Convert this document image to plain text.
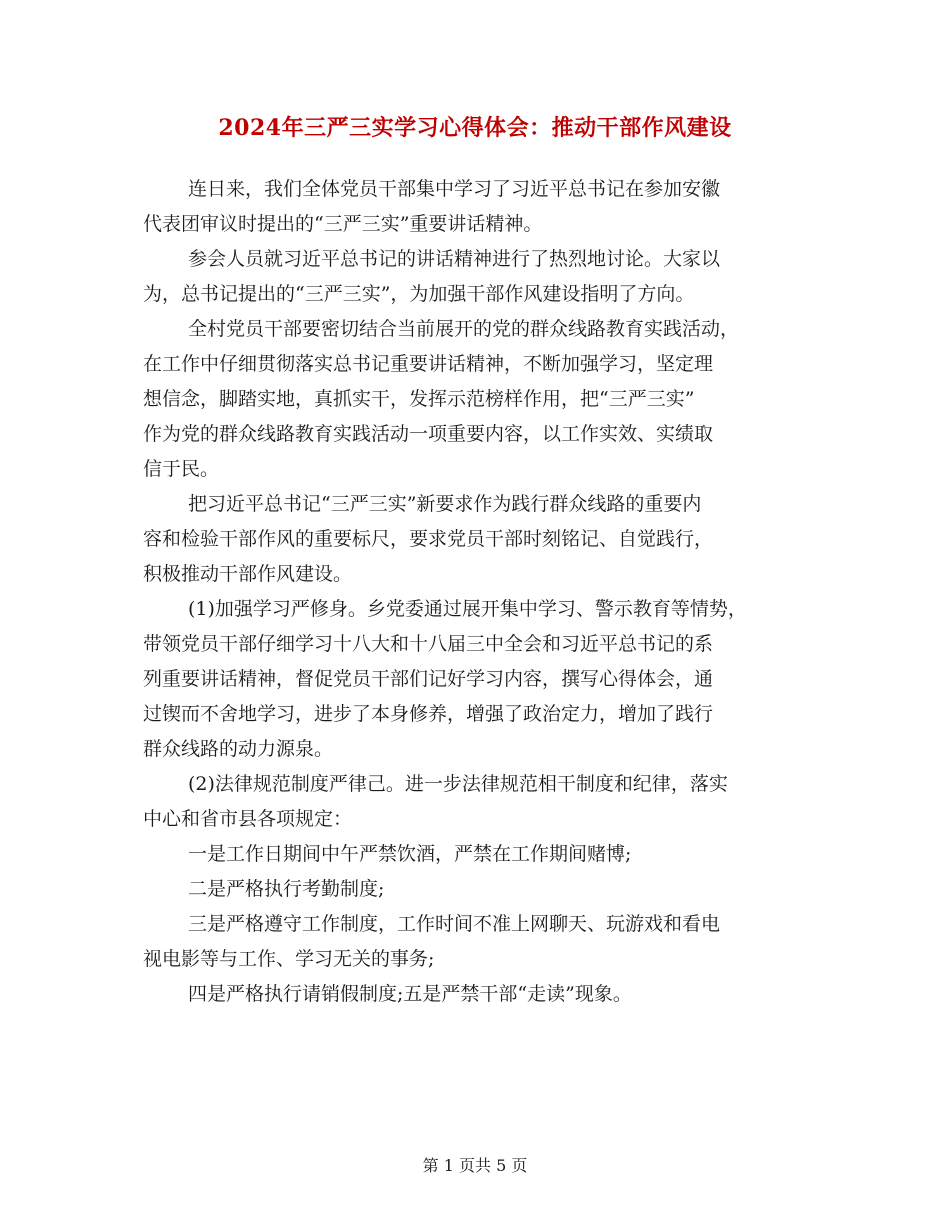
2024年三严三实学习心得体会：推动干部作风建设

连日来，我们全体党员干部集中学习了习近平总书记在参加安徽
代表团审议时提出的“三严三实”重要讲话精神。

参会人员就习近平总书记的讲话精神进行了热烈地讨论。大家以
为，总书记提出的“三严三实”，为加强干部作风建设指明了方向。

全村党员干部要密切结合当前展开的党的群众线路教育实践活动，
在工作中仔细贯彻落实总书记重要讲话精神，不断加强学习，坚定理
想信念，脚踏实地，真抓实干，发挥示范榜样作用，把“三严三实”
作为党的群众线路教育实践活动一项重要内容，以工作实效、实绩取
信于民。

把习近平总书记“三严三实”新要求作为践行群众线路的重要内
容和检验干部作风的重要标尺，要求党员干部时刻铭记、自觉践行，
积极推动干部作风建设。

(1)加强学习严修身。乡党委通过展开集中学习、警示教育等情势，
带领党员干部仔细学习十八大和十八届三中全会和习近平总书记的系
列重要讲话精神，督促党员干部们记好学习内容，撰写心得体会，通
过锲而不舍地学习，进步了本身修养，增强了政治定力，增加了践行
群众线路的动力源泉。

(2)法律规范制度严律己。进一步法律规范相干制度和纪律，落实
中心和省市县各项规定：

一是工作日期间中午严禁饮酒，严禁在工作期间赌博;

二是严格执行考勤制度;

三是严格遵守工作制度，工作时间不准上网聊天、玩游戏和看电
视电影等与工作、学习无关的事务;

四是严格执行请销假制度;五是严禁干部“走读”现象。

第 1 页共 5 页
